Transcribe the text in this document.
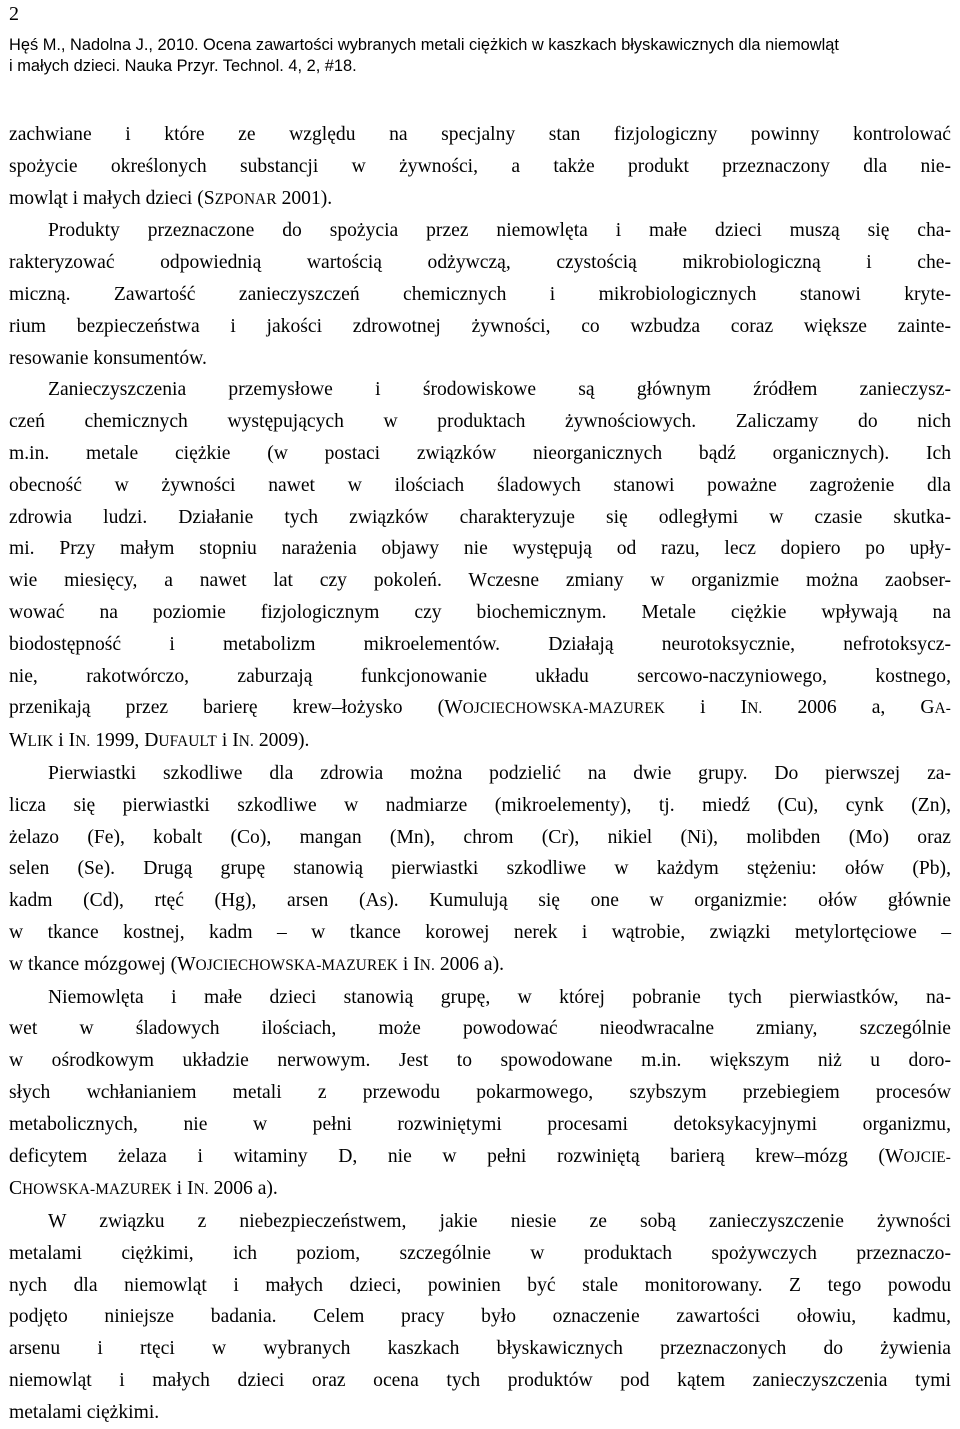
2
Hęś M., Nadolna J., 2010. Ocena zawartości wybranych metali ciężkich w kaszkach błyskawicznych dla niemowląt
i małych dzieci. Nauka Przyr. Technol. 4, 2, #18.

zachwiane i które ze względu na specjalny stan fizjologiczny powinny kontrolować

spożycie określonych substancji w żywności, a także produkt przeznaczony dla nie-

mowląt i małych dzieci (SZPONAR 2001).

Produkty przeznaczone do spożycia przez niemowlęta i małe dzieci muszą się cha-

rakteryzować odpowiednią wartością odżywczą, czystością mikrobiologiczną i che-

miczną. Zawartość zanieczyszczeń chemicznych i mikrobiologicznych stanowi kryte-

rium bezpieczeństwa i jakości zdrowotnej żywności, co wzbudza coraz większe zainte-

resowanie konsumentów.

Zanieczyszczenia przemysłowe i środowiskowe są głównym źródłem zanieczysz-

czeń chemicznych występujących w produktach żywnościowych. Zaliczamy do nich

m.in. metale ciężkie (w postaci związków nieorganicznych bądź organicznych). Ich

obecność w żywności nawet w ilościach śladowych stanowi poważne zagrożenie dla

zdrowia ludzi. Działanie tych związków charakteryzuje się odległymi w czasie skutka-

mi. Przy małym stopniu narażenia objawy nie występują od razu, lecz dopiero po upły-

wie miesięcy, a nawet lat czy pokoleń. Wczesne zmiany w organizmie można zaobser-

wować na poziomie fizjologicznym czy biochemicznym. Metale ciężkie wpływają na

biodostępność i metabolizm mikroelementów. Działają neurotoksycznie, nefrotoksycz-

nie, rakotwórczo, zaburzają funkcjonowanie układu sercowo-naczyniowego, kostnego,

przenikają przez barierę krew–łożysko (WOJCIECHOWSKA-MAZUREK i IN. 2006 a, GA-

WLIK i IN. 1999, DUFAULT i IN. 2009).

Pierwiastki szkodliwe dla zdrowia można podzielić na dwie grupy. Do pierwszej za-

licza się pierwiastki szkodliwe w nadmiarze (mikroelementy), tj. miedź (Cu), cynk (Zn),

żelazo (Fe), kobalt (Co), mangan (Mn), chrom (Cr), nikiel (Ni), molibden (Mo) oraz

selen (Se). Drugą grupę stanowią pierwiastki szkodliwe w każdym stężeniu: ołów (Pb),

kadm (Cd), rtęć (Hg), arsen (As). Kumulują się one w organizmie: ołów głównie

w tkance kostnej, kadm – w tkance korowej nerek i wątrobie, związki metylortęciowe –

w tkance mózgowej (WOJCIECHOWSKA-MAZUREK i IN. 2006 a).

Niemowlęta i małe dzieci stanowią grupę, w której pobranie tych pierwiastków, na-

wet w śladowych ilościach, może powodować nieodwracalne zmiany, szczególnie

w ośrodkowym układzie nerwowym. Jest to spowodowane m.in. większym niż u doro-

słych wchłanianiem metali z przewodu pokarmowego, szybszym przebiegiem procesów

metabolicznych, nie w pełni rozwiniętymi procesami detoksykacyjnymi organizmu,

deficytem żelaza i witaminy D, nie w pełni rozwiniętą barierą krew–mózg (WOJCIE-

CHOWSKA-MAZUREK i IN. 2006 a).

W związku z niebezpieczeństwem, jakie niesie ze sobą zanieczyszczenie żywności

metalami ciężkimi, ich poziom, szczególnie w produktach spożywczych przeznaczo-

nych dla niemowląt i małych dzieci, powinien być stale monitorowany. Z tego powodu

podjęto niniejsze badania. Celem pracy było oznaczenie zawartości ołowiu, kadmu,

arsenu i rtęci w wybranych kaszkach błyskawicznych przeznaczonych do żywienia

niemowląt i małych dzieci oraz ocena tych produktów pod kątem zanieczyszczenia tymi

metalami ciężkimi.
